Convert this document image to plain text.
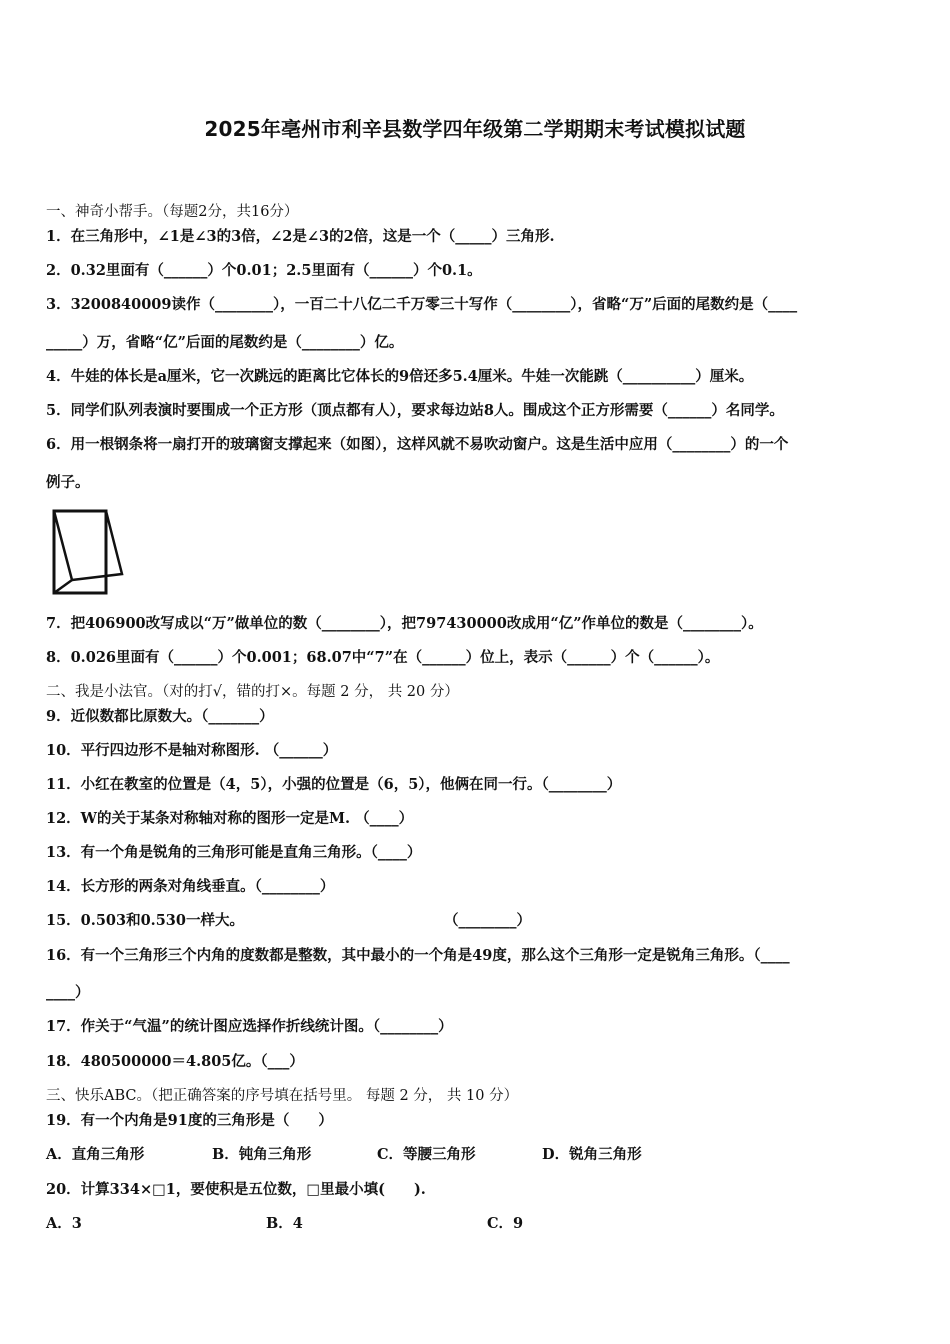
2025年亳州市利辛县数学四年级第二学期期末考试模拟试题
一、神奇小帮手。（每题2分，共16分）
1．在三角形中，∠1是∠3的3倍，∠2是∠3的2倍，这是一个（_____）三角形.
2．0.32里面有（______）个0.01；2.5里面有（______）个0.1。
3．3200840009读作（________），一百二十八亿二千万零三十写作（________），省略“万”后面的尾数约是（____
_____）万，省略“亿”后面的尾数约是（________）亿。
4．牛娃的体长是a厘米，它一次跳远的距离比它体长的9倍还多5.4厘米。牛娃一次能跳（__________）厘米。
5．同学们队列表演时要围成一个正方形（顶点都有人），要求每边站8人。围成这个正方形需要（______）名同学。
6．用一根钢条将一扇打开的玻璃窗支撑起来（如图），这样风就不易吹动窗户。这是生活中应用（________）的一个
例子。
7．把406900改写成以“万”做单位的数（________），把797430000改成用“亿”作单位的数是（________）。
8．0.026里面有（______）个0.001；68.07中“7”在（______）位上，表示（______）个（______）。
二、我是小法官。（对的打√，错的打×。每题 2 分， 共 20 分）
9．近似数都比原数大。（_______）
10．平行四边形不是轴对称图形. （______）
11．小红在教室的位置是（4，5），小强的位置是（6，5），他俩在同一行。（________）
12．W的关于某条对称轴对称的图形一定是M. （____）
13．有一个角是锐角的三角形可能是直角三角形。（____）
14．长方形的两条对角线垂直。（________）
15．0.503和0.530一样大。	（________）
16．有一个三角形三个内角的度数都是整数，其中最小的一个角是49度，那么这个三角形一定是锐角三角形。（____
____）
17．作关于“气温”的统计图应选择作折线统计图。（________）
18．480500000＝4.805亿。（___）
三、快乐ABC。（把正确答案的序号填在括号里。 每题 2 分， 共 10 分）
19．有一个内角是91度的三角形是（　　）
A．直角三角形	B．钝角三角形	C．等腰三角形	D．锐角三角形
20．计算334×□1，要使积是五位数，□里最小填(　　).
A．3	B．4	C．9
